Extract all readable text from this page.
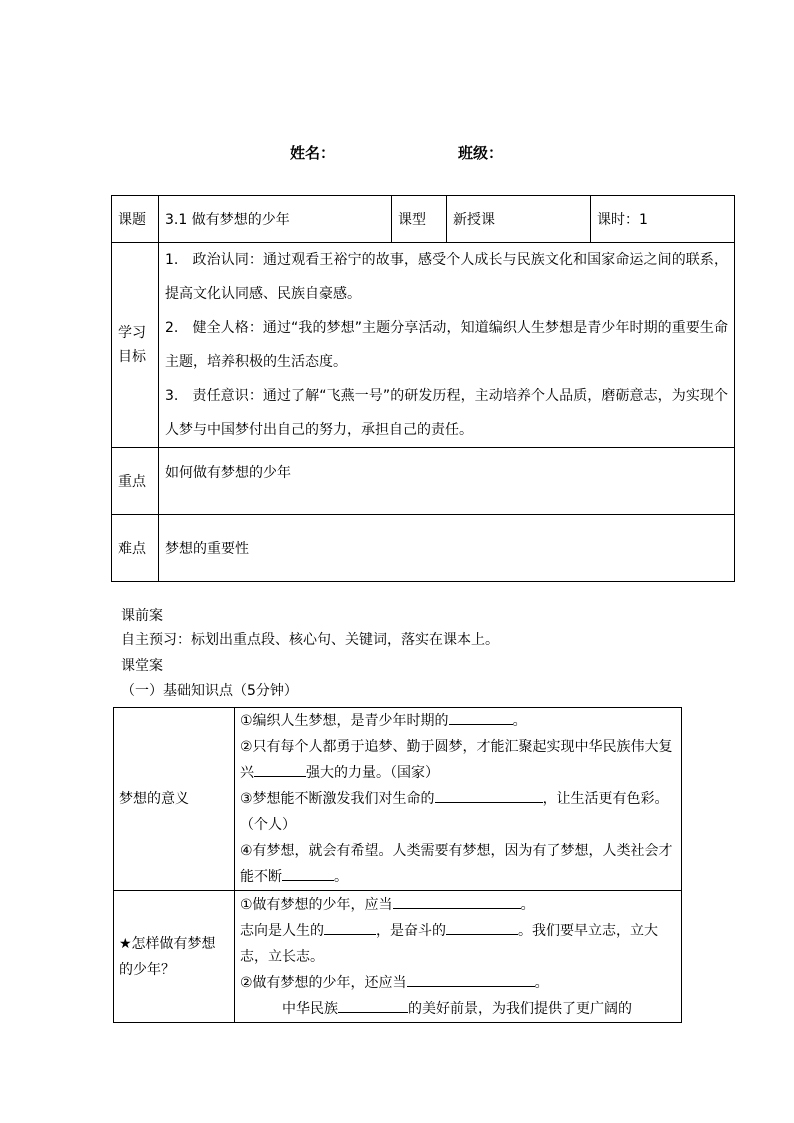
姓名：	班级：
课题	3.1 做有梦想的少年	课型	新授课	课时：1
学习目标	1.　政治认同：通过观看王裕宁的故事，感受个人成长与民族文化和国家命运之间的联系，提高文化认同感、民族自豪感。

2.　健全人格：通过“我的梦想”主题分享活动，知道编织人生梦想是青少年时期的重要生命主题，培养积极的生活态度。

3.　责任意识：通过了解“飞燕一号”的研发历程，主动培养个人品质，磨砺意志，为实现个人梦与中国梦付出自己的努力，承担自己的责任。			

重点	如何做有梦想的少年			
难点	梦想的重要性			
课前案
自主预习：标划出重点段、核心句、关键词，落实在课本上。
课堂案
（一）基础知识点（5分钟）
梦想的意义	①编织人生梦想，是青少年时期的 。

②只有每个人都勇于追梦、勤于圆梦，才能汇聚起实现中华民族伟大复兴 强大的力量。（国家）

③梦想能不断激发我们对生命的 ，让生活更有色彩。（个人）

④有梦想，就会有希望。人类需要有梦想，因为有了梦想，人类社会才能不断 。

★怎样做有梦想的少年？	①做有梦想的少年，应当 。

志向是人生的 ，是奋斗的 。我们要早立志，立大志，立长志。

②做有梦想的少年，还应当 。

中华民族 的美好前景，为我们提供了更广阔的
